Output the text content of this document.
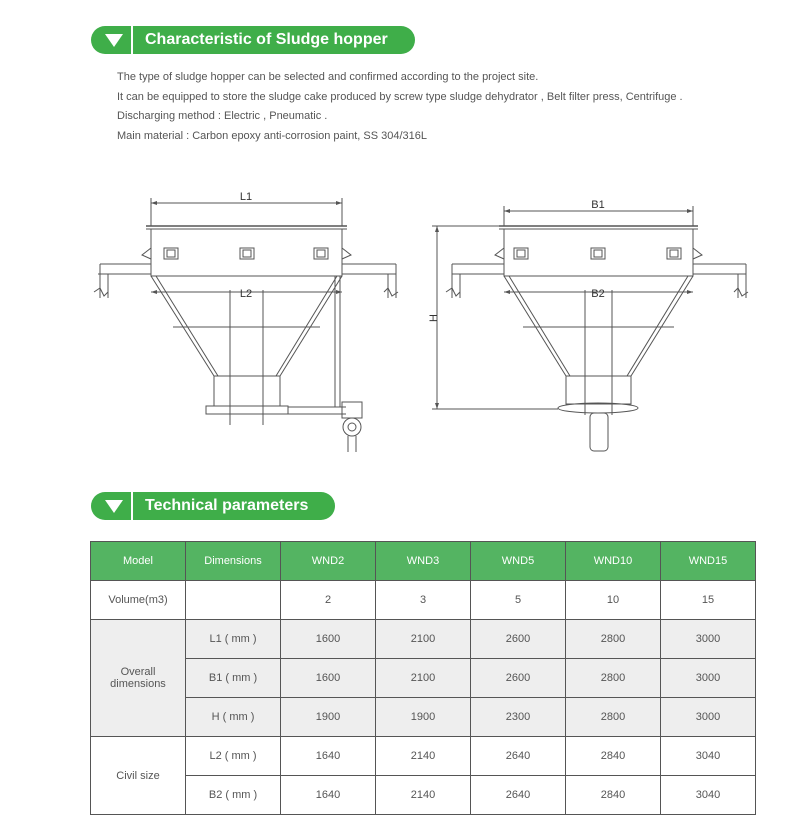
Characteristic of Sludge hopper

The type of sludge hopper can be selected and confirmed according to the project site.

It can be equipped to store the sludge cake produced by screw type sludge dehydrator , Belt filter press, Centrifuge .

Discharging method : Electric , Pneumatic .

Main material : Carbon epoxy anti-corrosion paint, SS 304/316L

L1
L2
H
B1
B2
Technical parameters
Model	Dimensions	WND2	WND3	WND5	WND10	WND15
Volume(m3)		2	3	5	10	15
Overall dimensions	L1 ( mm )	1600	2100	2600	2800	3000
	B1 ( mm )	1600	2100	2600	2800	3000
	H ( mm )	1900	1900	2300	2800	3000
Civil size	L2 ( mm )	1640	2140	2640	2840	3040
	B2 ( mm )	1640	2140	2640	2840	3040
